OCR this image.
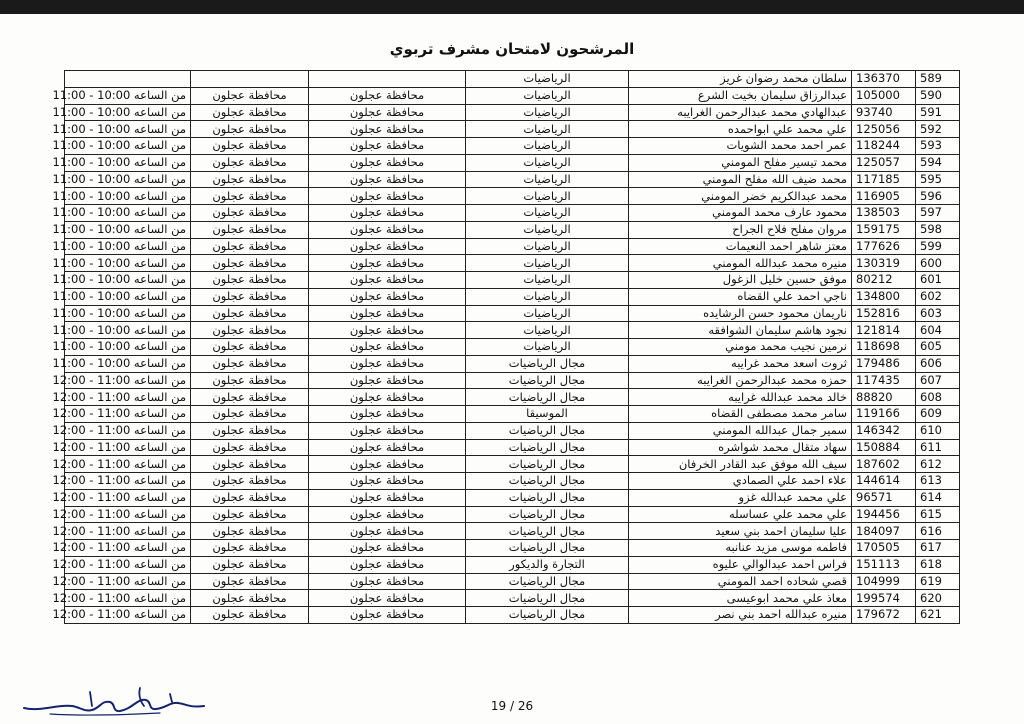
المرشحون لامتحان مشرف تربوي
589	136370	سلطان محمد رضوان غريز	الرياضيات			
590	105000	عبدالرزاق سليمان بخيت الشرع	الرياضيات	محافظة عجلون	محافظة عجلون	من الساعه 10:00 - 11:00
591	93740	عبدالهادي محمد عبدالرحمن الغرايبه	الرياضيات	محافظة عجلون	محافظة عجلون	من الساعه 10:00 - 11:00
592	125056	علي محمد علي ابواحمده	الرياضيات	محافظة عجلون	محافظة عجلون	من الساعه 10:00 - 11:00
593	118244	عمر احمد محمد الشويات	الرياضيات	محافظة عجلون	محافظة عجلون	من الساعه 10:00 - 11:00
594	125057	محمد تيسير مفلح المومني	الرياضيات	محافظة عجلون	محافظة عجلون	من الساعه 10:00 - 11:00
595	117185	محمد ضيف الله مفلح المومني	الرياضيات	محافظة عجلون	محافظة عجلون	من الساعه 10:00 - 11:00
596	116905	محمد عبدالكريم خضر المومني	الرياضيات	محافظة عجلون	محافظة عجلون	من الساعه 10:00 - 11:00
597	138503	محمود عارف محمد المومني	الرياضيات	محافظة عجلون	محافظة عجلون	من الساعه 10:00 - 11:00
598	159175	مروان مفلح فلاح الجراح	الرياضيات	محافظة عجلون	محافظة عجلون	من الساعه 10:00 - 11:00
599	177626	معتز شاهر احمد النعيمات	الرياضيات	محافظة عجلون	محافظة عجلون	من الساعه 10:00 - 11:00
600	130319	منيره محمد عبدالله المومني	الرياضيات	محافظة عجلون	محافظة عجلون	من الساعه 10:00 - 11:00
601	80212	موفق حسين خليل الزغول	الرياضيات	محافظة عجلون	محافظة عجلون	من الساعه 10:00 - 11:00
602	134800	ناجي احمد علي القضاه	الرياضيات	محافظة عجلون	محافظة عجلون	من الساعه 10:00 - 11:00
603	152816	ناريمان محمود حسن الرشايده	الرياضيات	محافظة عجلون	محافظة عجلون	من الساعه 10:00 - 11:00
604	121814	نجود هاشم سليمان الشوافقه	الرياضيات	محافظة عجلون	محافظة عجلون	من الساعه 10:00 - 11:00
605	118698	نرمين نجيب محمد مومني	الرياضيات	محافظة عجلون	محافظة عجلون	من الساعه 10:00 - 11:00
606	179486	ثروت اسعد محمد غرايبه	مجال الرياضيات	محافظة عجلون	محافظة عجلون	من الساعه 10:00 - 11:00
607	117435	حمزه محمد عبدالرحمن الغرايبه	مجال الرياضيات	محافظة عجلون	محافظة عجلون	من الساعه 11:00 - 12:00
608	88820	خالد محمد عبدالله غرايبه	مجال الرياضيات	محافظة عجلون	محافظة عجلون	من الساعه 11:00 - 12:00
609	119166	سامر محمد مصطفى القضاه	الموسيقا	محافظة عجلون	محافظة عجلون	من الساعه 11:00 - 12:00
610	146342	سمير جمال عبدالله المومني	مجال الرياضيات	محافظة عجلون	محافظة عجلون	من الساعه 11:00 - 12:00
611	150884	سهاد متقال محمد شواشره	مجال الرياضيات	محافظة عجلون	محافظة عجلون	من الساعه 11:00 - 12:00
612	187602	سيف الله موفق عبد القادر الخرفان	مجال الرياضيات	محافظة عجلون	محافظة عجلون	من الساعه 11:00 - 12:00
613	144614	علاء احمد علي الصمادي	مجال الرياضيات	محافظة عجلون	محافظة عجلون	من الساعه 11:00 - 12:00
614	96571	علي محمد عبدالله غزو	مجال الرياضيات	محافظة عجلون	محافظة عجلون	من الساعه 11:00 - 12:00
615	194456	علي محمد علي عساسله	مجال الرياضيات	محافظة عجلون	محافظة عجلون	من الساعه 11:00 - 12:00
616	184097	عليا سليمان احمد بني سعيد	مجال الرياضيات	محافظة عجلون	محافظة عجلون	من الساعه 11:00 - 12:00
617	170505	فاطمه موسى مزيد عنانبه	مجال الرياضيات	محافظة عجلون	محافظة عجلون	من الساعه 11:00 - 12:00
618	151113	فراس احمد عبدالوالي عليوه	التجارة والديكور	محافظة عجلون	محافظة عجلون	من الساعه 11:00 - 12:00
619	104999	قصي شحاده احمد المومني	مجال الرياضيات	محافظة عجلون	محافظة عجلون	من الساعه 11:00 - 12:00
620	199574	معاذ علي محمد ابوعيسى	مجال الرياضيات	محافظة عجلون	محافظة عجلون	من الساعه 11:00 - 12:00
621	179672	منيره عبدالله احمد بني نصر	مجال الرياضيات	محافظة عجلون	محافظة عجلون	من الساعه 11:00 - 12:00
19 / 26
